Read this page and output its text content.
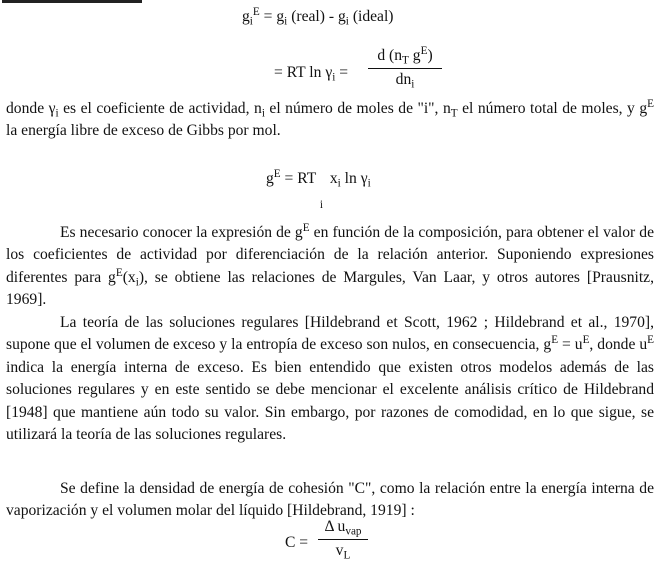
$g_i^E = g_i$ (real) - $g_i$ (ideal)
= RT $\ln \gamma_i$ =
d ($n_T$ $g^E$)
$dn_i$
donde $\gamma_i$ es el coeficiente de actividad, $n_i$ el número de moles de "i", $n_T$ el número total de moles, y $g^E$ la energía libre de exceso de Gibbs por mol.
$g^E$ = RT
i
$x_i$ $\ln \gamma_i$
Es necesario conocer la expresión de $g^E$ en función de la composición, para obtener el valor de los coeficientes de actividad por diferenciación de la relación anterior. Suponiendo expresiones diferentes para $g^E(x_i)$, se obtiene las relaciones de Margules, Van Laar, y otros autores [Prausnitz, 1969].
La teoría de las soluciones regulares [Hildebrand et Scott, 1962 ; Hildebrand et al., 1970], supone que el volumen de exceso y la entropía de exceso son nulos, en consecuencia, $g^E = u^E$, donde $u^E$ indica la energía interna de exceso. Es bien entendido que existen otros modelos además de las soluciones regulares y en este sentido se debe mencionar el excelente análisis crítico de Hildebrand [1948] que mantiene aún todo su valor. Sin embargo, por razones de comodidad, en lo que sigue, se utilizará la teoría de las soluciones regulares.
Se define la densidad de energía de cohesión "C", como la relación entre la energía interna de vaporización y el volumen molar del líquido [Hildebrand, 1919] :
C =
Δ $u_{vap}$
$v_L$
